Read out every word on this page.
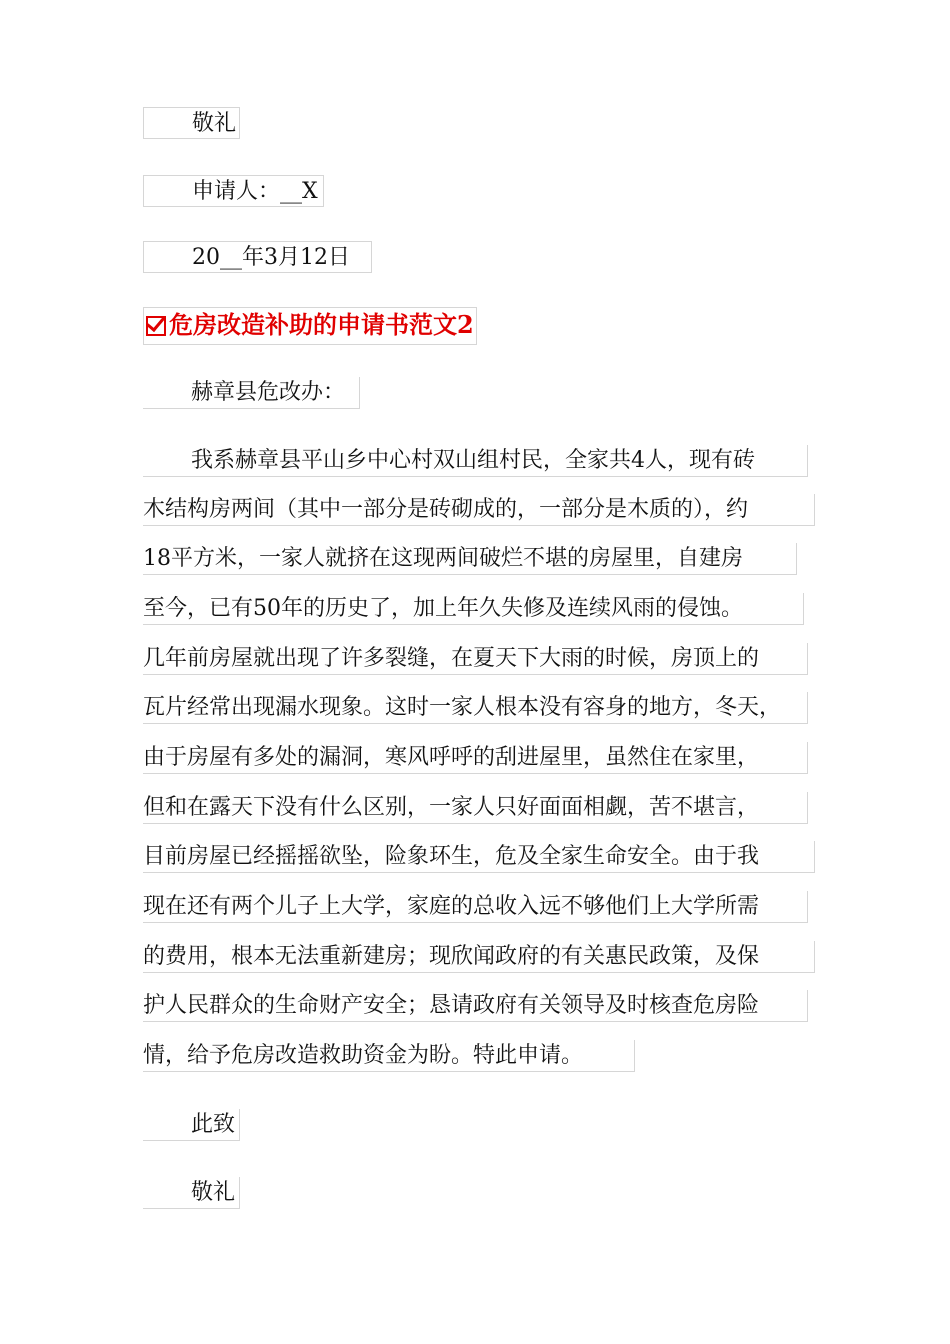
敬礼
申请人：__X
20__年3月12日
危房改造补助的申请书范文2
赫章县危改办：
我系赫章县平山乡中心村双山组村民，全家共4人，现有砖
木结构房两间（其中一部分是砖砌成的，一部分是木质的），约
18平方米，一家人就挤在这现两间破烂不堪的房屋里，自建房
至今，已有50年的历史了，加上年久失修及连续风雨的侵蚀。
几年前房屋就出现了许多裂缝，在夏天下大雨的时候，房顶上的
瓦片经常出现漏水现象。这时一家人根本没有容身的地方，冬天，
由于房屋有多处的漏洞，寒风呼呼的刮进屋里，虽然住在家里，
但和在露天下没有什么区别，一家人只好面面相觑，苦不堪言，
目前房屋已经摇摇欲坠，险象环生，危及全家生命安全。由于我
现在还有两个儿子上大学，家庭的总收入远不够他们上大学所需
的费用，根本无法重新建房；现欣闻政府的有关惠民政策，及保
护人民群众的生命财产安全；恳请政府有关领导及时核查危房险
情，给予危房改造救助资金为盼。特此申请。
此致
敬礼
